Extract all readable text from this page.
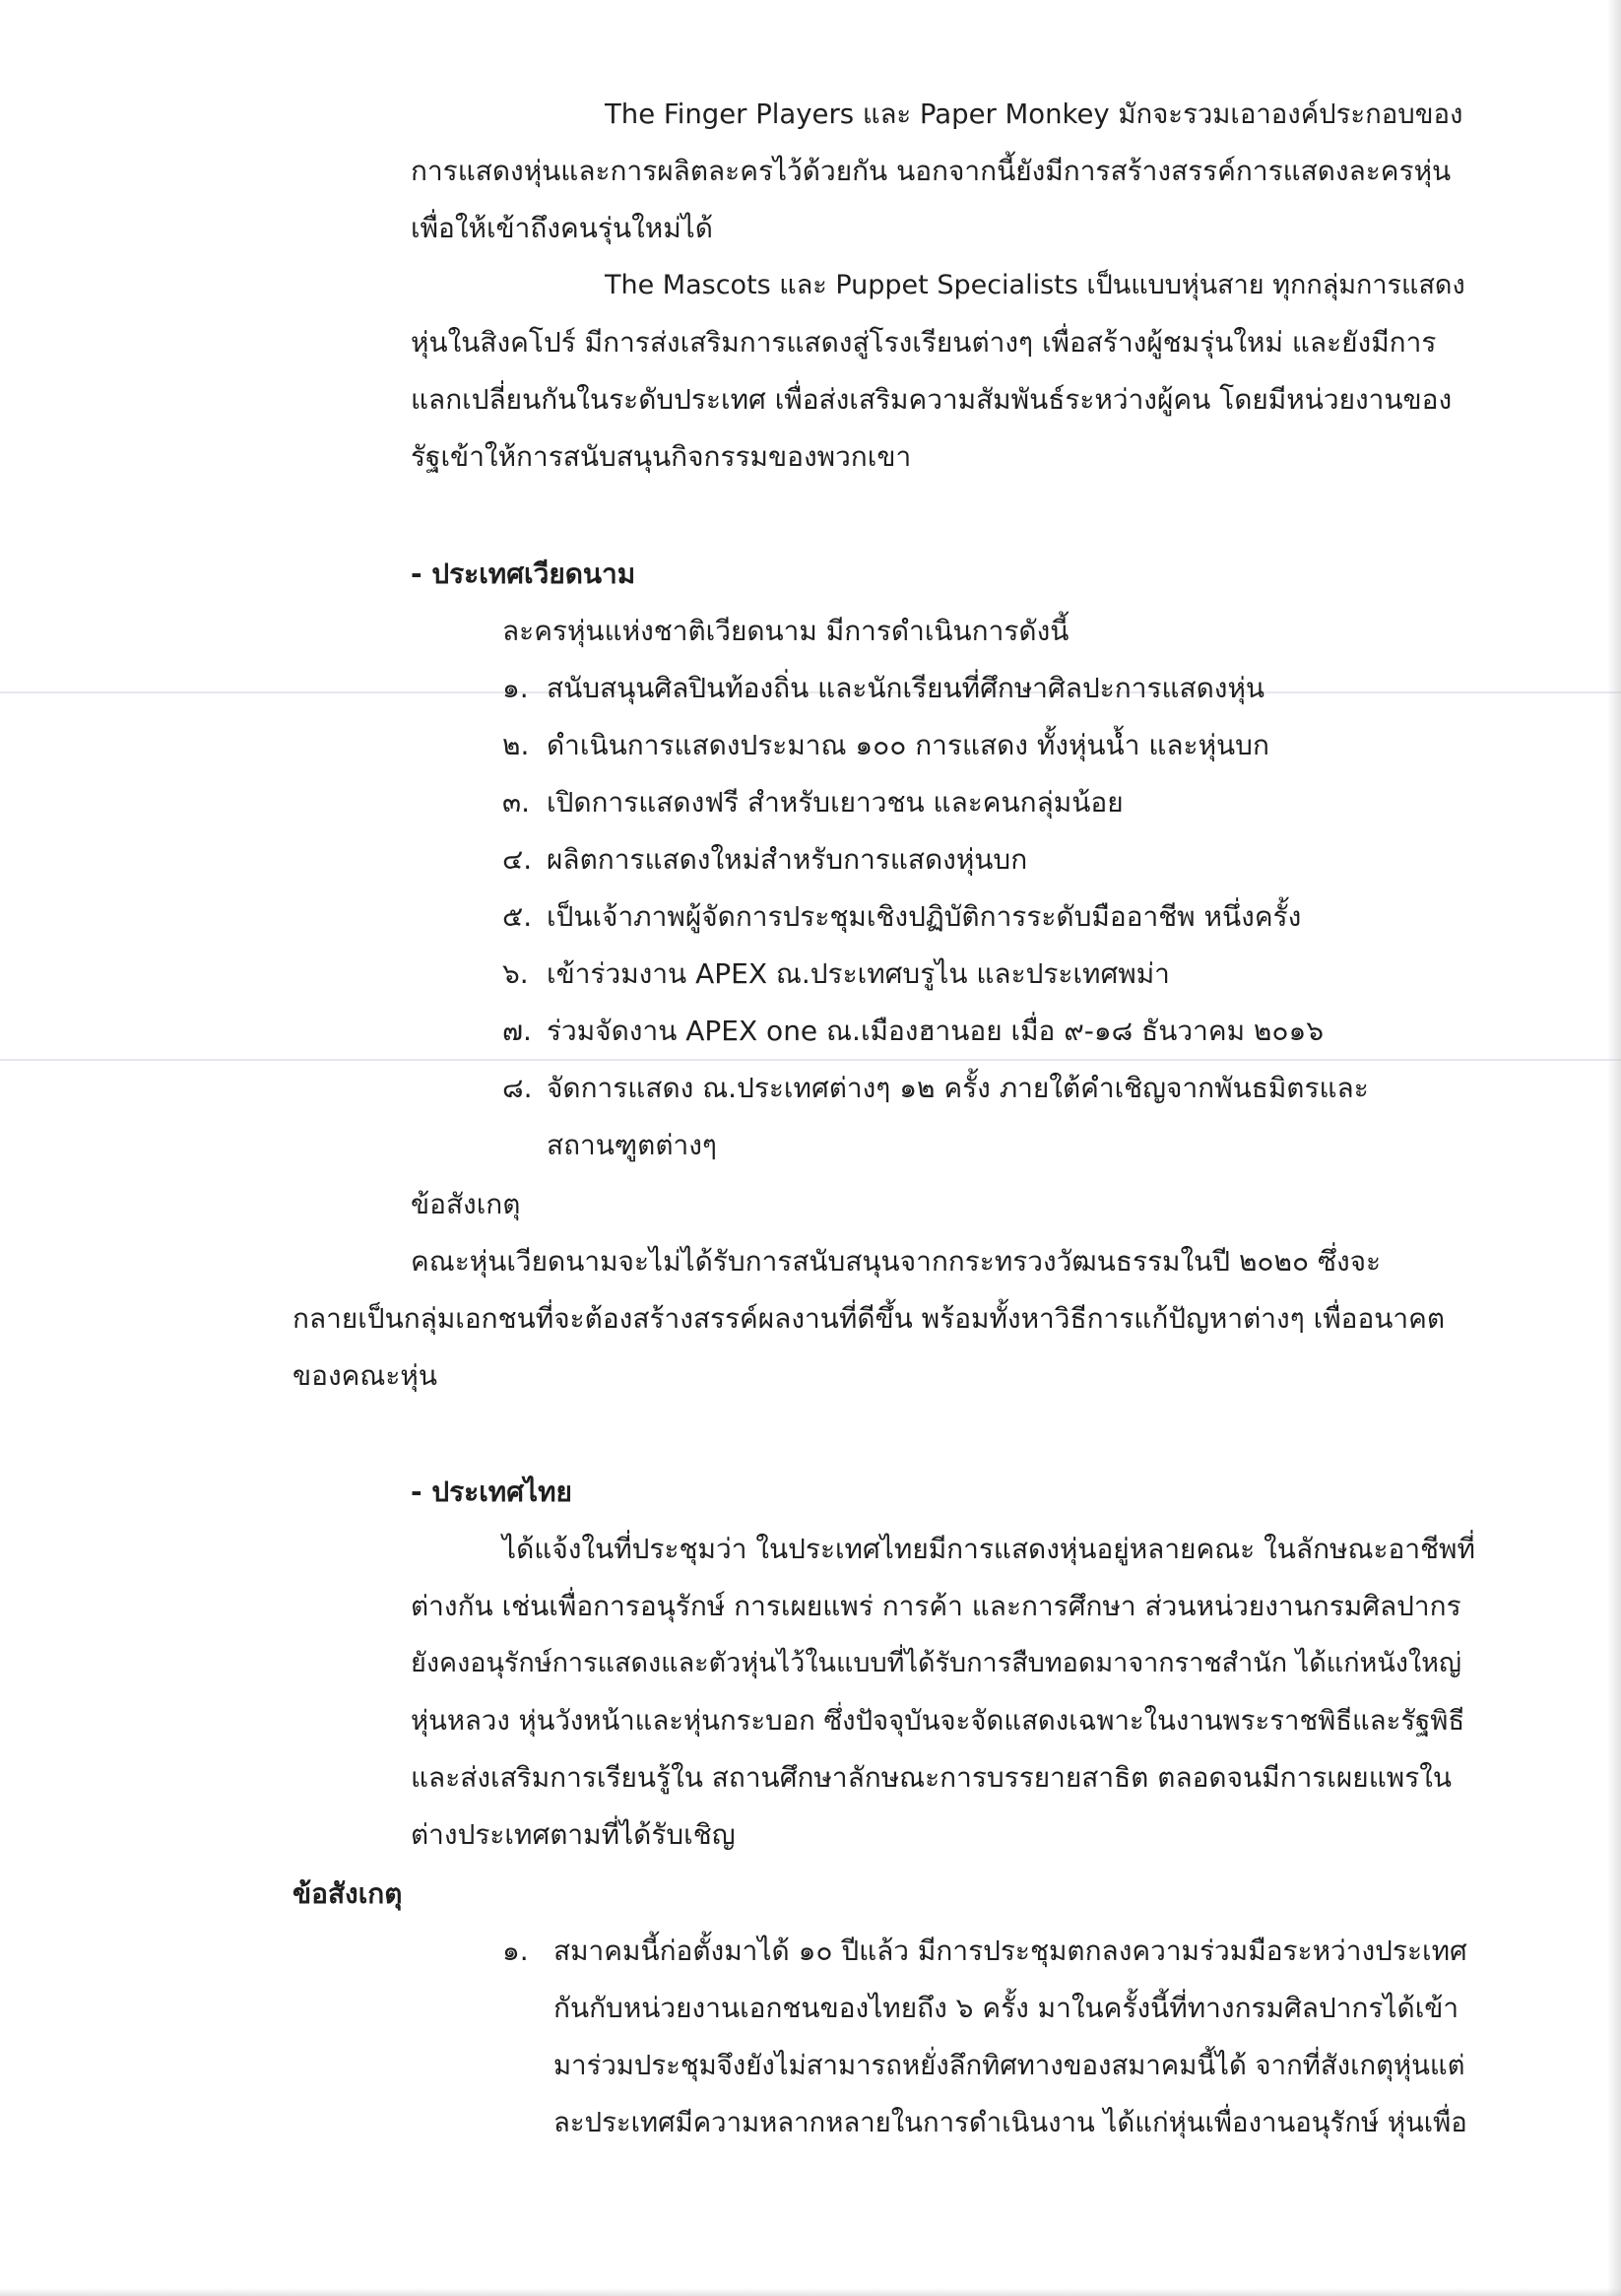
The Finger Players และ Paper Monkey มักจะรวมเอาองค์ประกอบของ
การแสดงหุ่นและการผลิตละครไว้ด้วยกัน นอกจากนี้ยังมีการสร้างสรรค์การแสดงละครหุ่น
เพื่อให้เข้าถึงคนรุ่นใหม่ได้
The Mascots และ Puppet Specialists เป็นแบบหุ่นสาย ทุกกลุ่มการแสดง
หุ่นในสิงคโปร์ มีการส่งเสริมการแสดงสู่โรงเรียนต่างๆ เพื่อสร้างผู้ชมรุ่นใหม่ และยังมีการ
แลกเปลี่ยนกันในระดับประเทศ เพื่อส่งเสริมความสัมพันธ์ระหว่างผู้คน โดยมีหน่วยงานของ
รัฐเข้าให้การสนับสนุนกิจกรรมของพวกเขา
- ประเทศเวียดนาม
ละครหุ่นแห่งชาติเวียดนาม มีการดำเนินการดังนี้
๑. สนับสนุนศิลปินท้องถิ่น และนักเรียนที่ศึกษาศิลปะการแสดงหุ่น
๒. ดำเนินการแสดงประมาณ ๑๐๐ การแสดง ทั้งหุ่นน้ำ และหุ่นบก
๓. เปิดการแสดงฟรี สำหรับเยาวชน และคนกลุ่มน้อย
๔. ผลิตการแสดงใหม่สำหรับการแสดงหุ่นบก
๕. เป็นเจ้าภาพผู้จัดการประชุมเชิงปฏิบัติการระดับมืออาชีพ หนึ่งครั้ง
๖. เข้าร่วมงาน APEX ณ.ประเทศบรูไน และประเทศพม่า
๗. ร่วมจัดงาน APEX one ณ.เมืองฮานอย เมื่อ ๙-๑๘ ธันวาคม ๒๐๑๖
๘. จัดการแสดง ณ.ประเทศต่างๆ ๑๒ ครั้ง ภายใต้คำเชิญจากพันธมิตรและ
สถานฑูตต่างๆ
ข้อสังเกตุ
คณะหุ่นเวียดนามจะไม่ได้รับการสนับสนุนจากกระทรวงวัฒนธรรมในปี ๒๐๒๐ ซึ่งจะ
กลายเป็นกลุ่มเอกชนที่จะต้องสร้างสรรค์ผลงานที่ดีขึ้น พร้อมทั้งหาวิธีการแก้ปัญหาต่างๆ เพื่ออนาคต
ของคณะหุ่น
- ประเทศไทย
ได้แจ้งในที่ประชุมว่า ในประเทศไทยมีการแสดงหุ่นอยู่หลายคณะ ในลักษณะอาชีพที่
ต่างกัน เช่นเพื่อการอนุรักษ์ การเผยแพร่ การค้า และการศึกษา ส่วนหน่วยงานกรมศิลปากร
ยังคงอนุรักษ์การแสดงและตัวหุ่นไว้ในแบบที่ได้รับการสืบทอดมาจากราชสำนัก ได้แก่หนังใหญ่
หุ่นหลวง หุ่นวังหน้าและหุ่นกระบอก ซึ่งปัจจุบันจะจัดแสดงเฉพาะในงานพระราชพิธีและรัฐพิธี
และส่งเสริมการเรียนรู้ใน สถานศึกษาลักษณะการบรรยายสาธิต ตลอดจนมีการเผยแพรใน
ต่างประเทศตามที่ได้รับเชิญ
ข้อสังเกตุ
๑. สมาคมนี้ก่อตั้งมาได้ ๑๐ ปีแล้ว มีการประชุมตกลงความร่วมมือระหว่างประเทศ
กันกับหน่วยงานเอกชนของไทยถึง ๖ ครั้ง มาในครั้งนี้ที่ทางกรมศิลปากรได้เข้า
มาร่วมประชุมจึงยังไม่สามารถหยั่งลึกทิศทางของสมาคมนี้ได้ จากที่สังเกตุหุ่นแต่
ละประเทศมีความหลากหลายในการดำเนินงาน ได้แก่หุ่นเพื่องานอนุรักษ์ หุ่นเพื่อ
